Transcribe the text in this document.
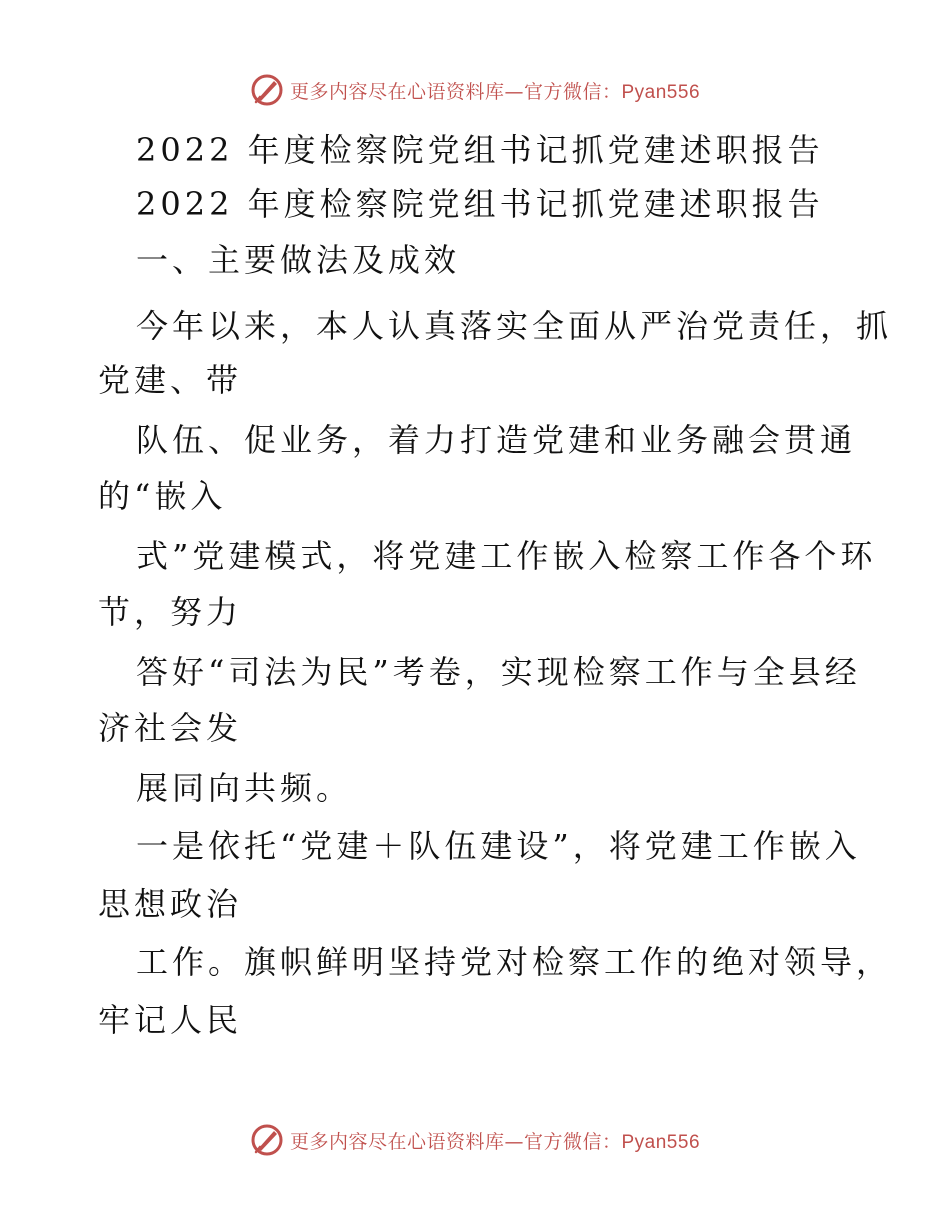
更多内容尽在心语资料库—官方微信：Pyan556
2022 年度检察院党组书记抓党建述职报告
2022 年度检察院党组书记抓党建述职报告
一、主要做法及成效
今年以来，本人认真落实全面从严治党责任，抓
党建、带
队伍、促业务，着力打造党建和业务融会贯通
的“嵌入
式”党建模式，将党建工作嵌入检察工作各个环
节，努力
答好“司法为民”考卷，实现检察工作与全县经
济社会发
展同向共频。
一是依托“党建＋队伍建设”，将党建工作嵌入
思想政治
工作。旗帜鲜明坚持党对检察工作的绝对领导，
牢记人民
更多内容尽在心语资料库—官方微信：Pyan556
